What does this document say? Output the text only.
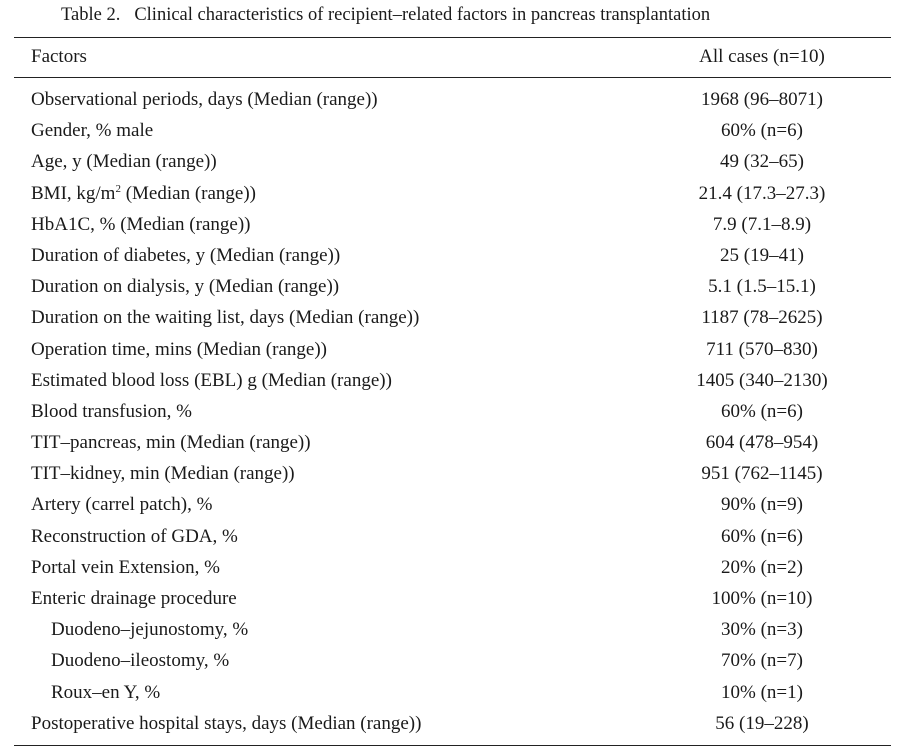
Table 2. Clinical characteristics of recipient–related factors in pancreas transplantation
Factors	All cases (n=10)
Observational periods, days (Median (range))	1968 (96–8071)
Gender, % male	60% (n=6)
Age, y (Median (range))	49 (32–65)
BMI, $kg/m^2$ (Median (range))	21.4 (17.3–27.3)
HbA1C, % (Median (range))	7.9 (7.1–8.9)
Duration of diabetes, y (Median (range))	25 (19–41)
Duration on dialysis, y (Median (range))	5.1 (1.5–15.1)
Duration on the waiting list, days (Median (range))	1187 (78–2625)
Operation time, mins (Median (range))	711 (570–830)
Estimated blood loss (EBL) g (Median (range))	1405 (340–2130)
Blood transfusion, %	60% (n=6)
TIT–pancreas, min (Median (range))	604 (478–954)
TIT–kidney, min (Median (range))	951 (762–1145)
Artery (carrel patch), %	90% (n=9)
Reconstruction of GDA, %	60% (n=6)
Portal vein Extension, %	20% (n=2)
Enteric drainage procedure	100% (n=10)
Duodeno–jejunostomy, %	30% (n=3)
Duodeno–ileostomy, %	70% (n=7)
Roux–en Y, %	10% (n=1)
Postoperative hospital stays, days (Median (range))	56 (19–228)
